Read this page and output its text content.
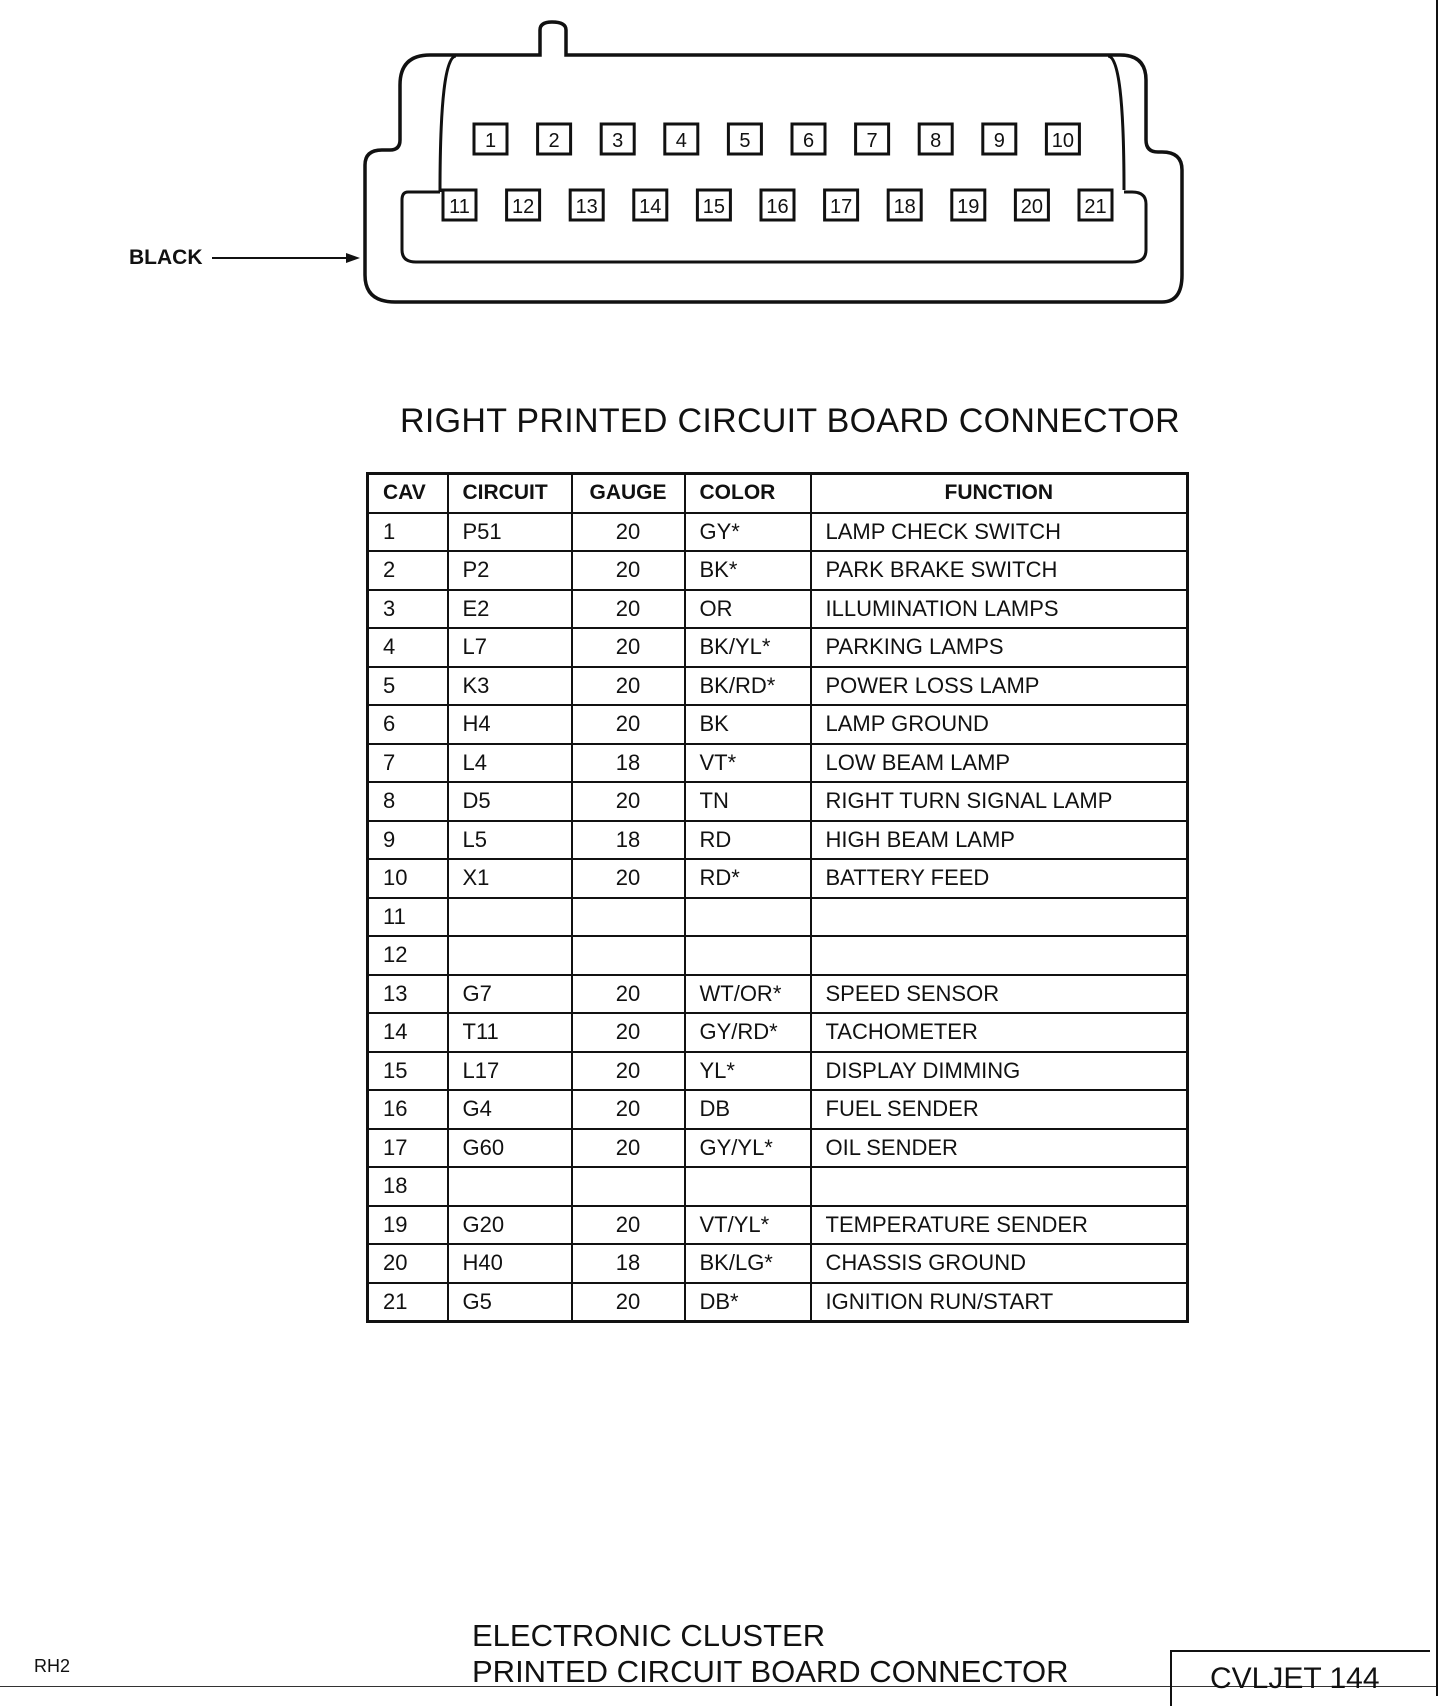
1	2	3	4	5	6	7	8	9 10
11 12 13 14 15 16 17 18 19 20 21
BLACK
RIGHT PRINTED CIRCUIT BOARD CONNECTOR
CAV	CIRCUIT	GAUGE	COLOR	FUNCTION
1	P51	20	GY*	LAMP CHECK SWITCH
2	P2	20	BK*	PARK BRAKE SWITCH
3	E2	20	OR	ILLUMINATION LAMPS
4	L7	20	BK/YL*	PARKING LAMPS
5	K3	20	BK/RD*	POWER LOSS LAMP
6	H4	20	BK	LAMP GROUND
7	L4	18	VT*	LOW BEAM LAMP
8	D5	20	TN	RIGHT TURN SIGNAL LAMP
9	L5	18	RD	HIGH BEAM LAMP
10	X1	20	RD*	BATTERY FEED
11				
12				
13	G7	20	WT/OR*	SPEED SENSOR
14	T11	20	GY/RD*	TACHOMETER
15	L17	20	YL*	DISPLAY DIMMING
16	G4	20	DB	FUEL SENDER
17	G60	20	GY/YL*	OIL SENDER
18				
19	G20	20	VT/YL*	TEMPERATURE SENDER
20	H40	18	BK/LG*	CHASSIS GROUND
21	G5	20	DB*	IGNITION RUN/START
RH2
ELECTRONIC CLUSTER
PRINTED CIRCUIT BOARD CONNECTOR	CVLJET 144
